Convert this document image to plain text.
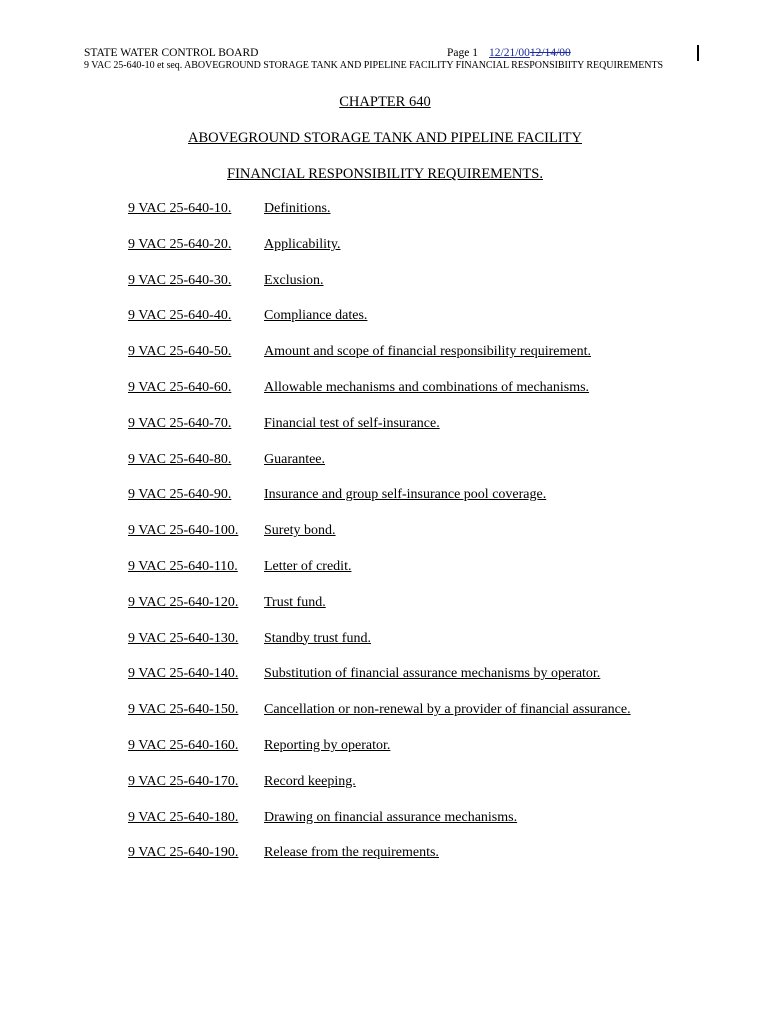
STATE WATER CONTROL BOARD	Page 1 12/21/0012/14/00
9 VAC 25-640-10 et seq. ABOVEGROUND STORAGE TANK AND PIPELINE FACILITY FINANCIAL RESPONSIBIITY REQUIREMENTS
CHAPTER 640
ABOVEGROUND STORAGE TANK AND PIPELINE FACILITY
FINANCIAL RESPONSIBILITY REQUIREMENTS.
9 VAC 25-640-10. Definitions.
9 VAC 25-640-20. Applicability.
9 VAC 25-640-30. Exclusion.
9 VAC 25-640-40. Compliance dates.
9 VAC 25-640-50. Amount and scope of financial responsibility requirement.
9 VAC 25-640-60. Allowable mechanisms and combinations of mechanisms.
9 VAC 25-640-70. Financial test of self-insurance.
9 VAC 25-640-80. Guarantee.
9 VAC 25-640-90. Insurance and group self-insurance pool coverage.
9 VAC 25-640-100. Surety bond.
9 VAC 25-640-110. Letter of credit.
9 VAC 25-640-120. Trust fund.
9 VAC 25-640-130. Standby trust fund.
9 VAC 25-640-140. Substitution of financial assurance mechanisms by operator.
9 VAC 25-640-150. Cancellation or non-renewal by a provider of financial assurance.
9 VAC 25-640-160. Reporting by operator.
9 VAC 25-640-170. Record keeping.
9 VAC 25-640-180. Drawing on financial assurance mechanisms.
9 VAC 25-640-190. Release from the requirements.
